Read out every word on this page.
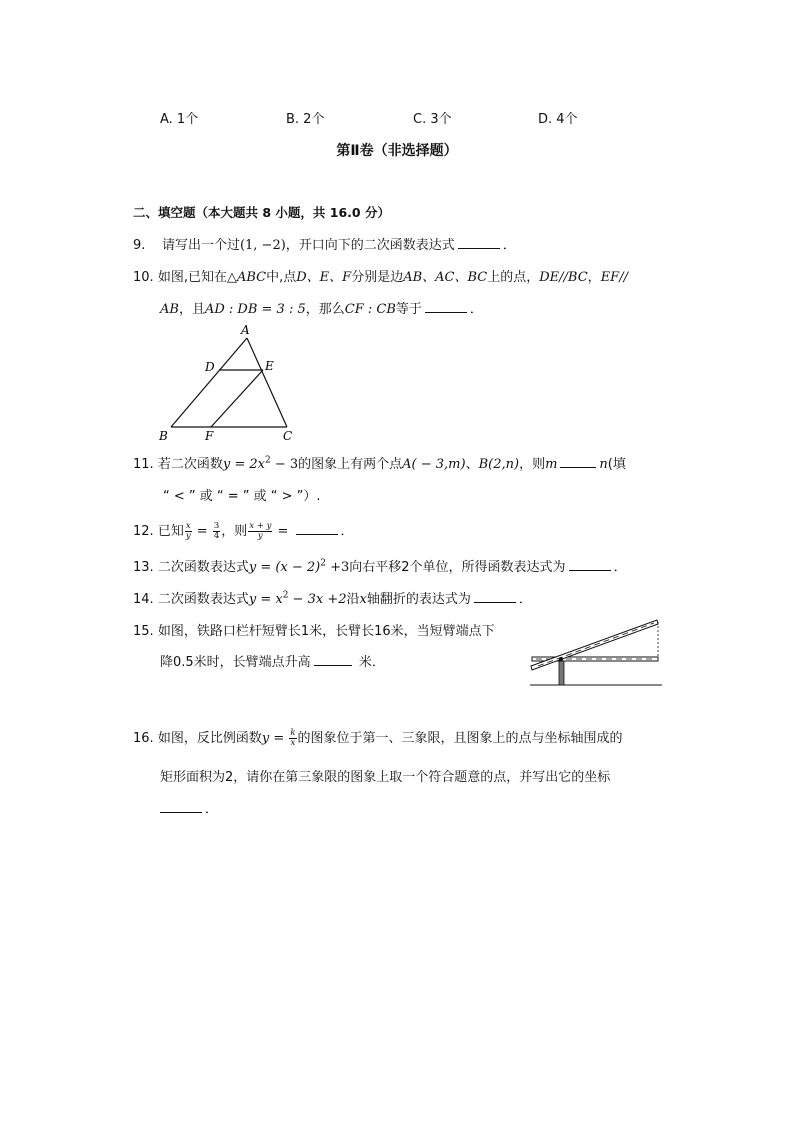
A. 1个	B. 2个	C. 3个	D. 4个
第Ⅱ卷（非选择题）
二、填空题（本大题共 8 小题，共 16.0 分）
9. 请写出一个过(1, −2)，开口向下的二次函数表达式	．
10. 如图,已知在△ABC中,点D、E、F分别是边AB、AC、BC上的点，DE//BC，EF//
AB，且AD : DB = 3 : 5，那么CF : CB等于	．
A
D	E
B	F	C
11. 若二次函数$y = 2x^2 - 3$的图象上有两个点A( − 3,m)、B(2,n)，则m	n(填
“ < ” 或 “ = ” 或 “ > ”）.
12. 已知 $\frac{x}{y} = \frac{3}{4}$ ，则 $\frac{x + y}{y}$ =	．
13. 二次函数表达式$y = (x - 2)^2 +3$向右平移2个单位，所得函数表达式为	．
14. 二次函数表达式$y = x^2 - 3x +2$沿x轴翻折的表达式为	．
15. 如图，铁路口栏杆短臂长1米，长臂长16米，当短臂端点下
降0.5米时，长臂端点升高	米．
16. 如图，反比例函数$y = \frac{k}{x}$ 的图象位于第一、三象限，且图象上的点与坐标轴围成的
矩形面积为2，请你在第三象限的图象上取一个符合题意的点，并写出它的坐标
．
